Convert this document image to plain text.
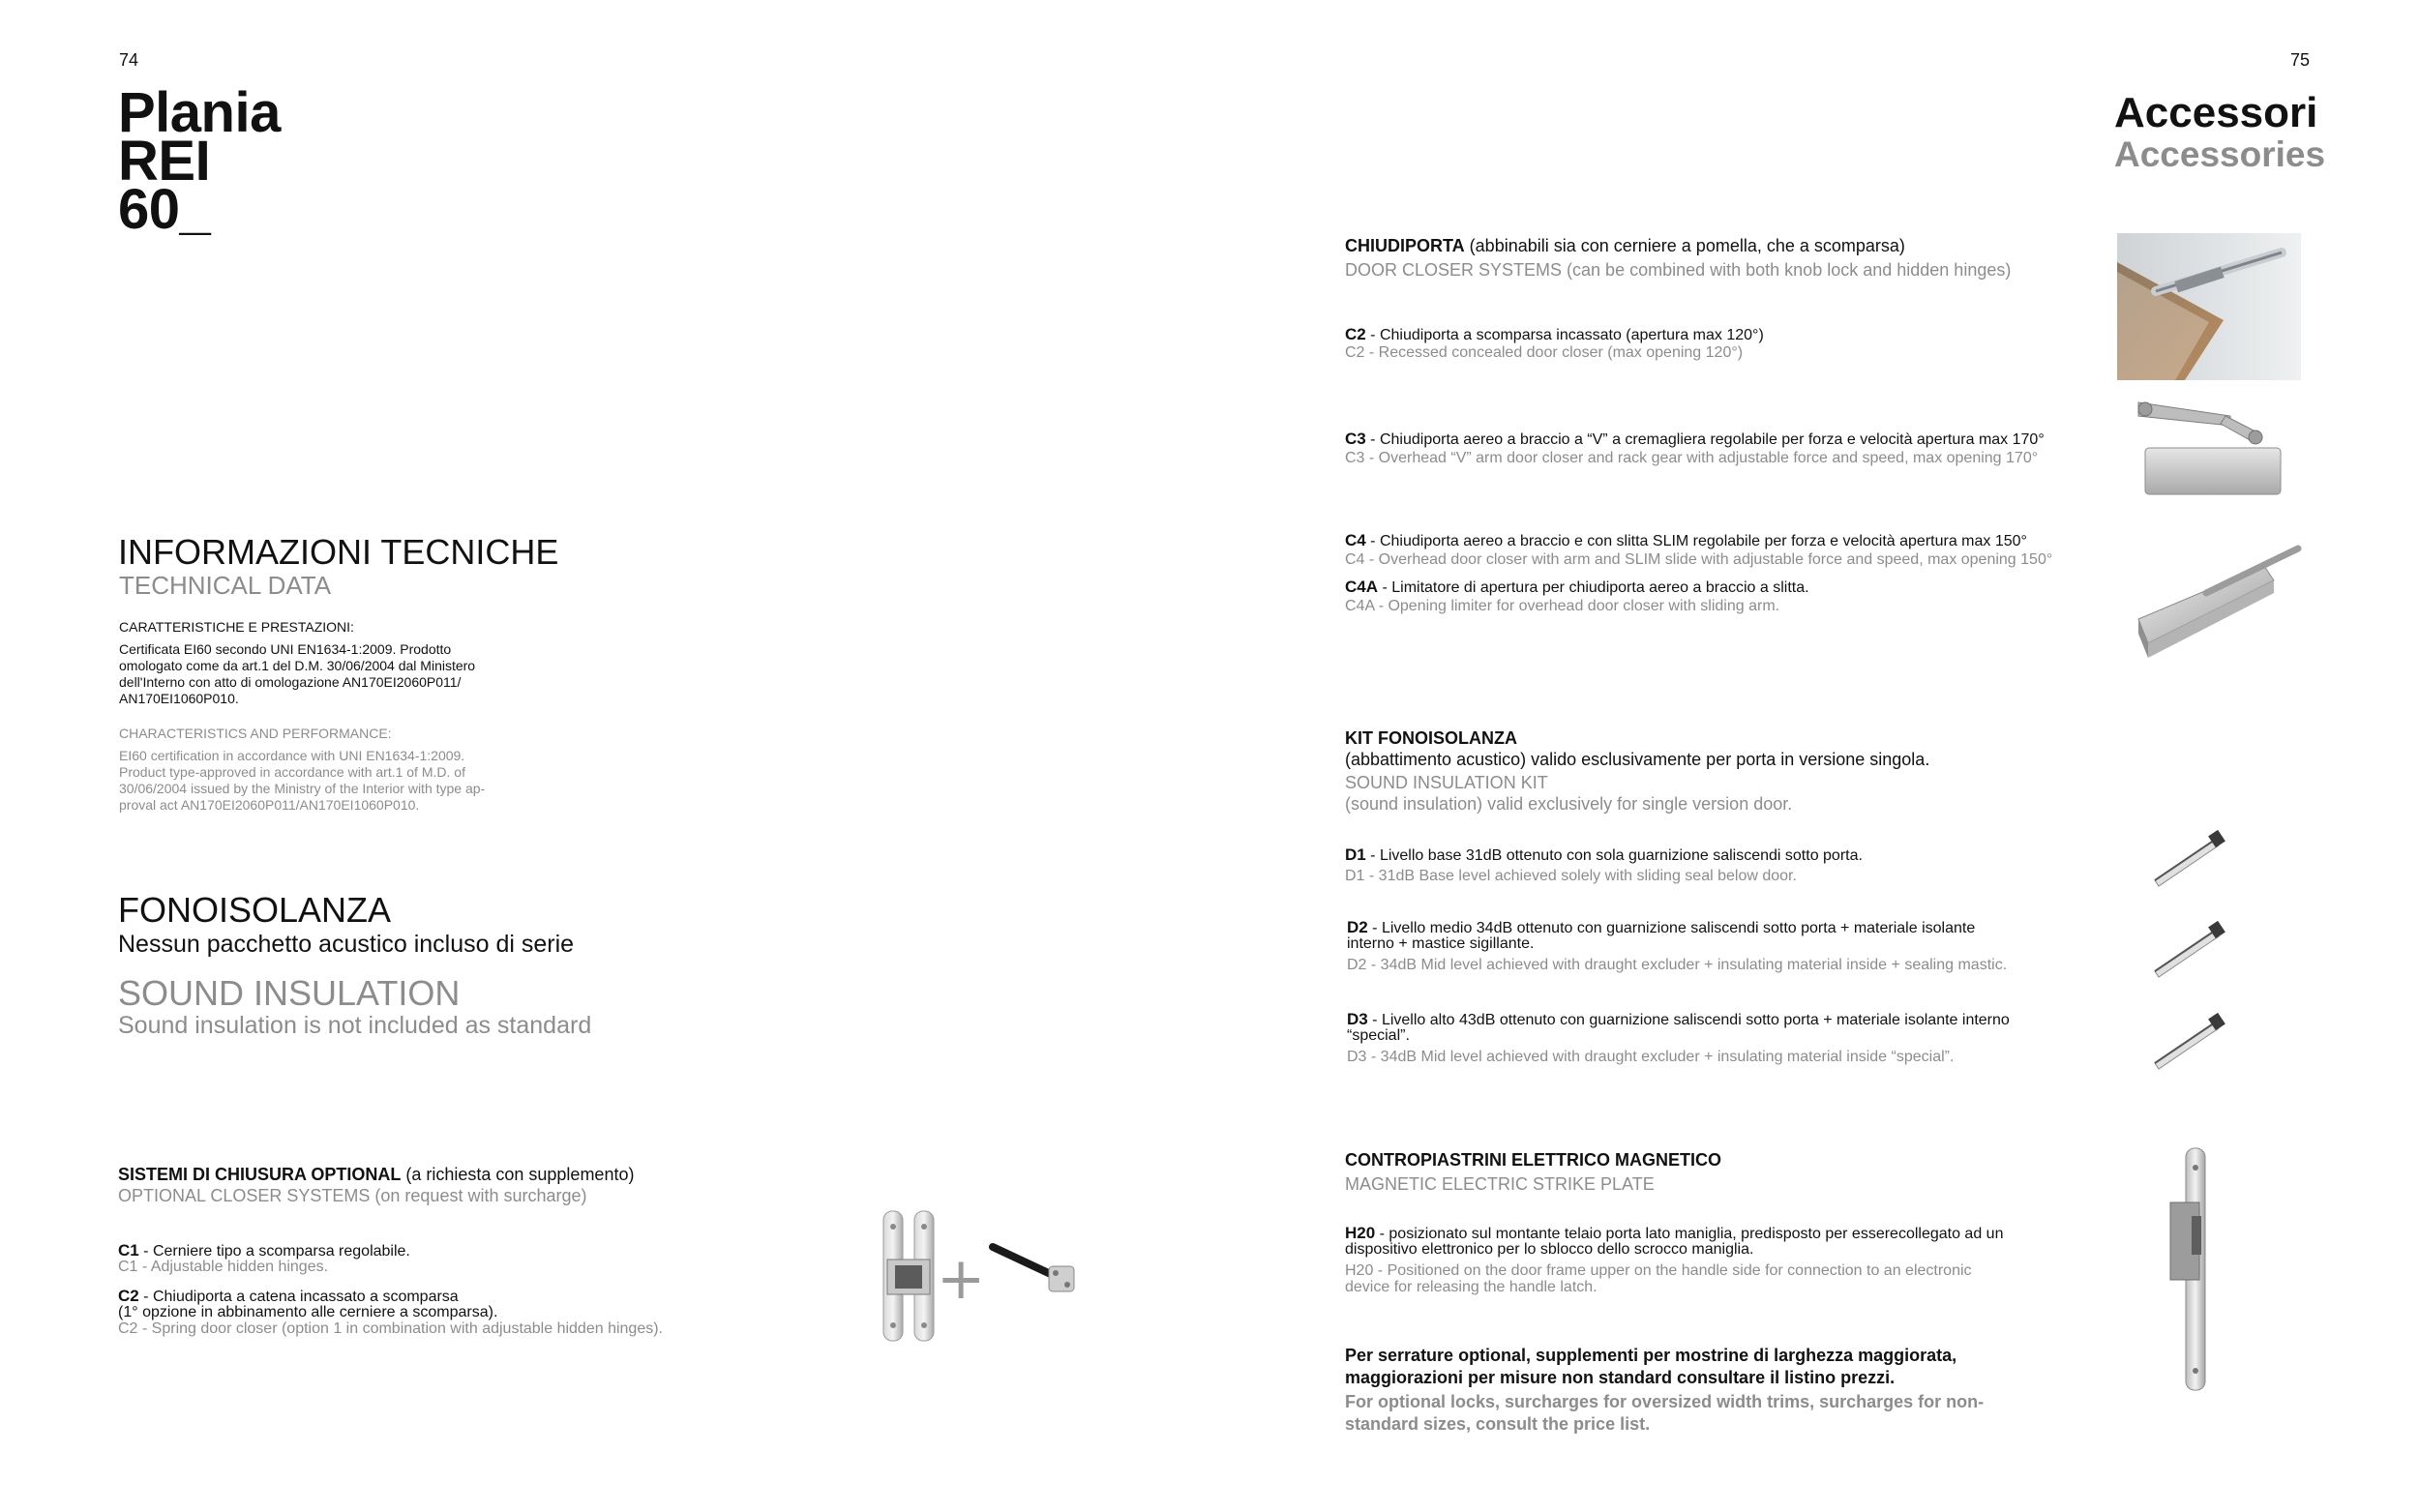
74
Plania
REI
60_
INFORMAZIONI TECNICHE
TECHNICAL DATA
CARATTERISTICHE E PRESTAZIONI:
Certificata EI60 secondo UNI EN1634-1:2009. Prodotto
omologato come da art.1 del D.M. 30/06/2004 dal Ministero
dell'Interno con atto di omologazione AN170EI2060P011/
AN170EI1060P010.
CHARACTERISTICS AND PERFORMANCE:
EI60 certification in accordance with UNI EN1634-1:2009.
Product type-approved in accordance with art.1 of M.D. of
30/06/2004 issued by the Ministry of the Interior with type ap-
proval act AN170EI2060P011/AN170EI1060P010.
FONOISOLANZA
Nessun pacchetto acustico incluso di serie
SOUND INSULATION
Sound insulation is not included as standard
SISTEMI DI CHIUSURA OPTIONAL (a richiesta con supplemento)
OPTIONAL CLOSER SYSTEMS (on request with surcharge)
C1 - Cerniere tipo a scomparsa regolabile.
C1 - Adjustable hidden hinges.
C2 - Chiudiporta a catena incassato a scomparsa
(1° opzione in abbinamento alle cerniere a scomparsa).
C2 - Spring door closer (option 1 in combination with adjustable hidden hinges).
+
75
Accessori
Accessories
CHIUDIPORTA (abbinabili sia con cerniere a pomella, che a scomparsa)
DOOR CLOSER SYSTEMS (can be combined with both knob lock and hidden hinges)
C2 - Chiudiporta a scomparsa incassato (apertura max 120°)
C2 - Recessed concealed door closer (max opening 120°)
C3 - Chiudiporta aereo a braccio a “V” a cremagliera regolabile per forza e velocità apertura max 170°
C3 - Overhead “V” arm door closer and rack gear with adjustable force and speed, max opening 170°
C4 - Chiudiporta aereo a braccio e con slitta SLIM regolabile per forza e velocità apertura max 150°
C4 - Overhead door closer with arm and SLIM slide with adjustable force and speed, max opening 150°
C4A - Limitatore di apertura per chiudiporta aereo a braccio a slitta.
C4A - Opening limiter for overhead door closer with sliding arm.
KIT FONOISOLANZA
(abbattimento acustico) valido esclusivamente per porta in versione singola.
SOUND INSULATION KIT
(sound insulation) valid exclusively for single version door.
D1 - Livello base 31dB ottenuto con sola guarnizione saliscendi sotto porta.
D1 - 31dB Base level achieved solely with sliding seal below door.
D2 - Livello medio 34dB ottenuto con guarnizione saliscendi sotto porta + materiale isolante
interno + mastice sigillante.
D2 - 34dB Mid level achieved with draught excluder + insulating material inside + sealing mastic.
D3 - Livello alto 43dB ottenuto con guarnizione saliscendi sotto porta + materiale isolante interno
“special”.
D3 - 34dB Mid level achieved with draught excluder + insulating material inside “special”.
CONTROPIASTRINI ELETTRICO MAGNETICO
MAGNETIC ELECTRIC STRIKE PLATE
H20 - posizionato sul montante telaio porta lato maniglia, predisposto per esserecollegato ad un
dispositivo elettronico per lo sblocco dello scrocco maniglia.
H20 - Positioned on the door frame upper on the handle side for connection to an electronic
device for releasing the handle latch.
Per serrature optional, supplementi per mostrine di larghezza maggiorata,
maggiorazioni per misure non standard consultare il listino prezzi.
For optional locks, surcharges for oversized width trims, surcharges for non-
standard sizes, consult the price list.
